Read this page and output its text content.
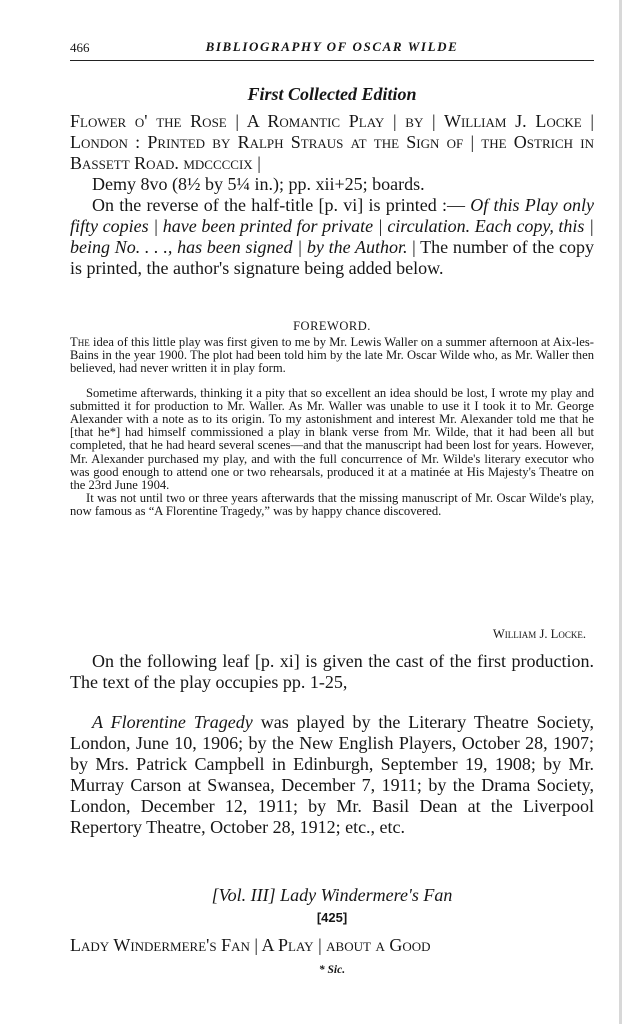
466	BIBLIOGRAPHY OF OSCAR WILDE
First Collected Edition

Flower o' the Rose | A Romantic Play | by | William J. Locke | London : Printed by Ralph Straus at the Sign of | the Ostrich in Bassett Road. mdccccix |

Demy 8vo (8½ by 5¼ in.); pp. xii+25; boards.

On the reverse of the half-title [p. vi] is printed :— Of this Play only fifty copies | have been printed for private | circulation. Each copy, this | being No. . . ., has been signed | by the Author. | The number of the copy is printed, the author's signature being added below.

FOREWORD.

The idea of this little play was first given to me by Mr. Lewis Waller on a summer afternoon at Aix-les-Bains in the year 1900. The plot had been told him by the late Mr. Oscar Wilde who, as Mr. Waller then believed, had never written it in play form.

Sometime afterwards, thinking it a pity that so excellent an idea should be lost, I wrote my play and submitted it for production to Mr. Waller. As Mr. Waller was unable to use it I took it to Mr. George Alexander with a note as to its origin. To my astonishment and interest Mr. Alexander told me that he [that he*] had himself commissioned a play in blank verse from Mr. Wilde, that it had been all but completed, that he had heard several scenes—and that the manuscript had been lost for years. However, Mr. Alexander purchased my play, and with the full concurrence of Mr. Wilde's literary executor who was good enough to attend one or two rehearsals, produced it at a matinée at His Majesty's Theatre on the 23rd June 1904.

It was not until two or three years afterwards that the missing manuscript of Mr. Oscar Wilde's play, now famous as “A Florentine Tragedy,” was by happy chance discovered.

William J. Locke.

On the following leaf [p. xi] is given the cast of the first production. The text of the play occupies pp. 1-25,

A Florentine Tragedy was played by the Literary Theatre Society, London, June 10, 1906; by the New English Players, October 28, 1907; by Mrs. Patrick Campbell in Edinburgh, September 19, 1908; by Mr. Murray Carson at Swansea, December 7, 1911; by the Drama Society, London, December 12, 1911; by Mr. Basil Dean at the Liverpool Repertory Theatre, October 28, 1912; etc., etc.

[Vol. III] Lady Windermere's Fan
[425]
Lady Windermere's Fan | A Play | about a Good
* Sic.
